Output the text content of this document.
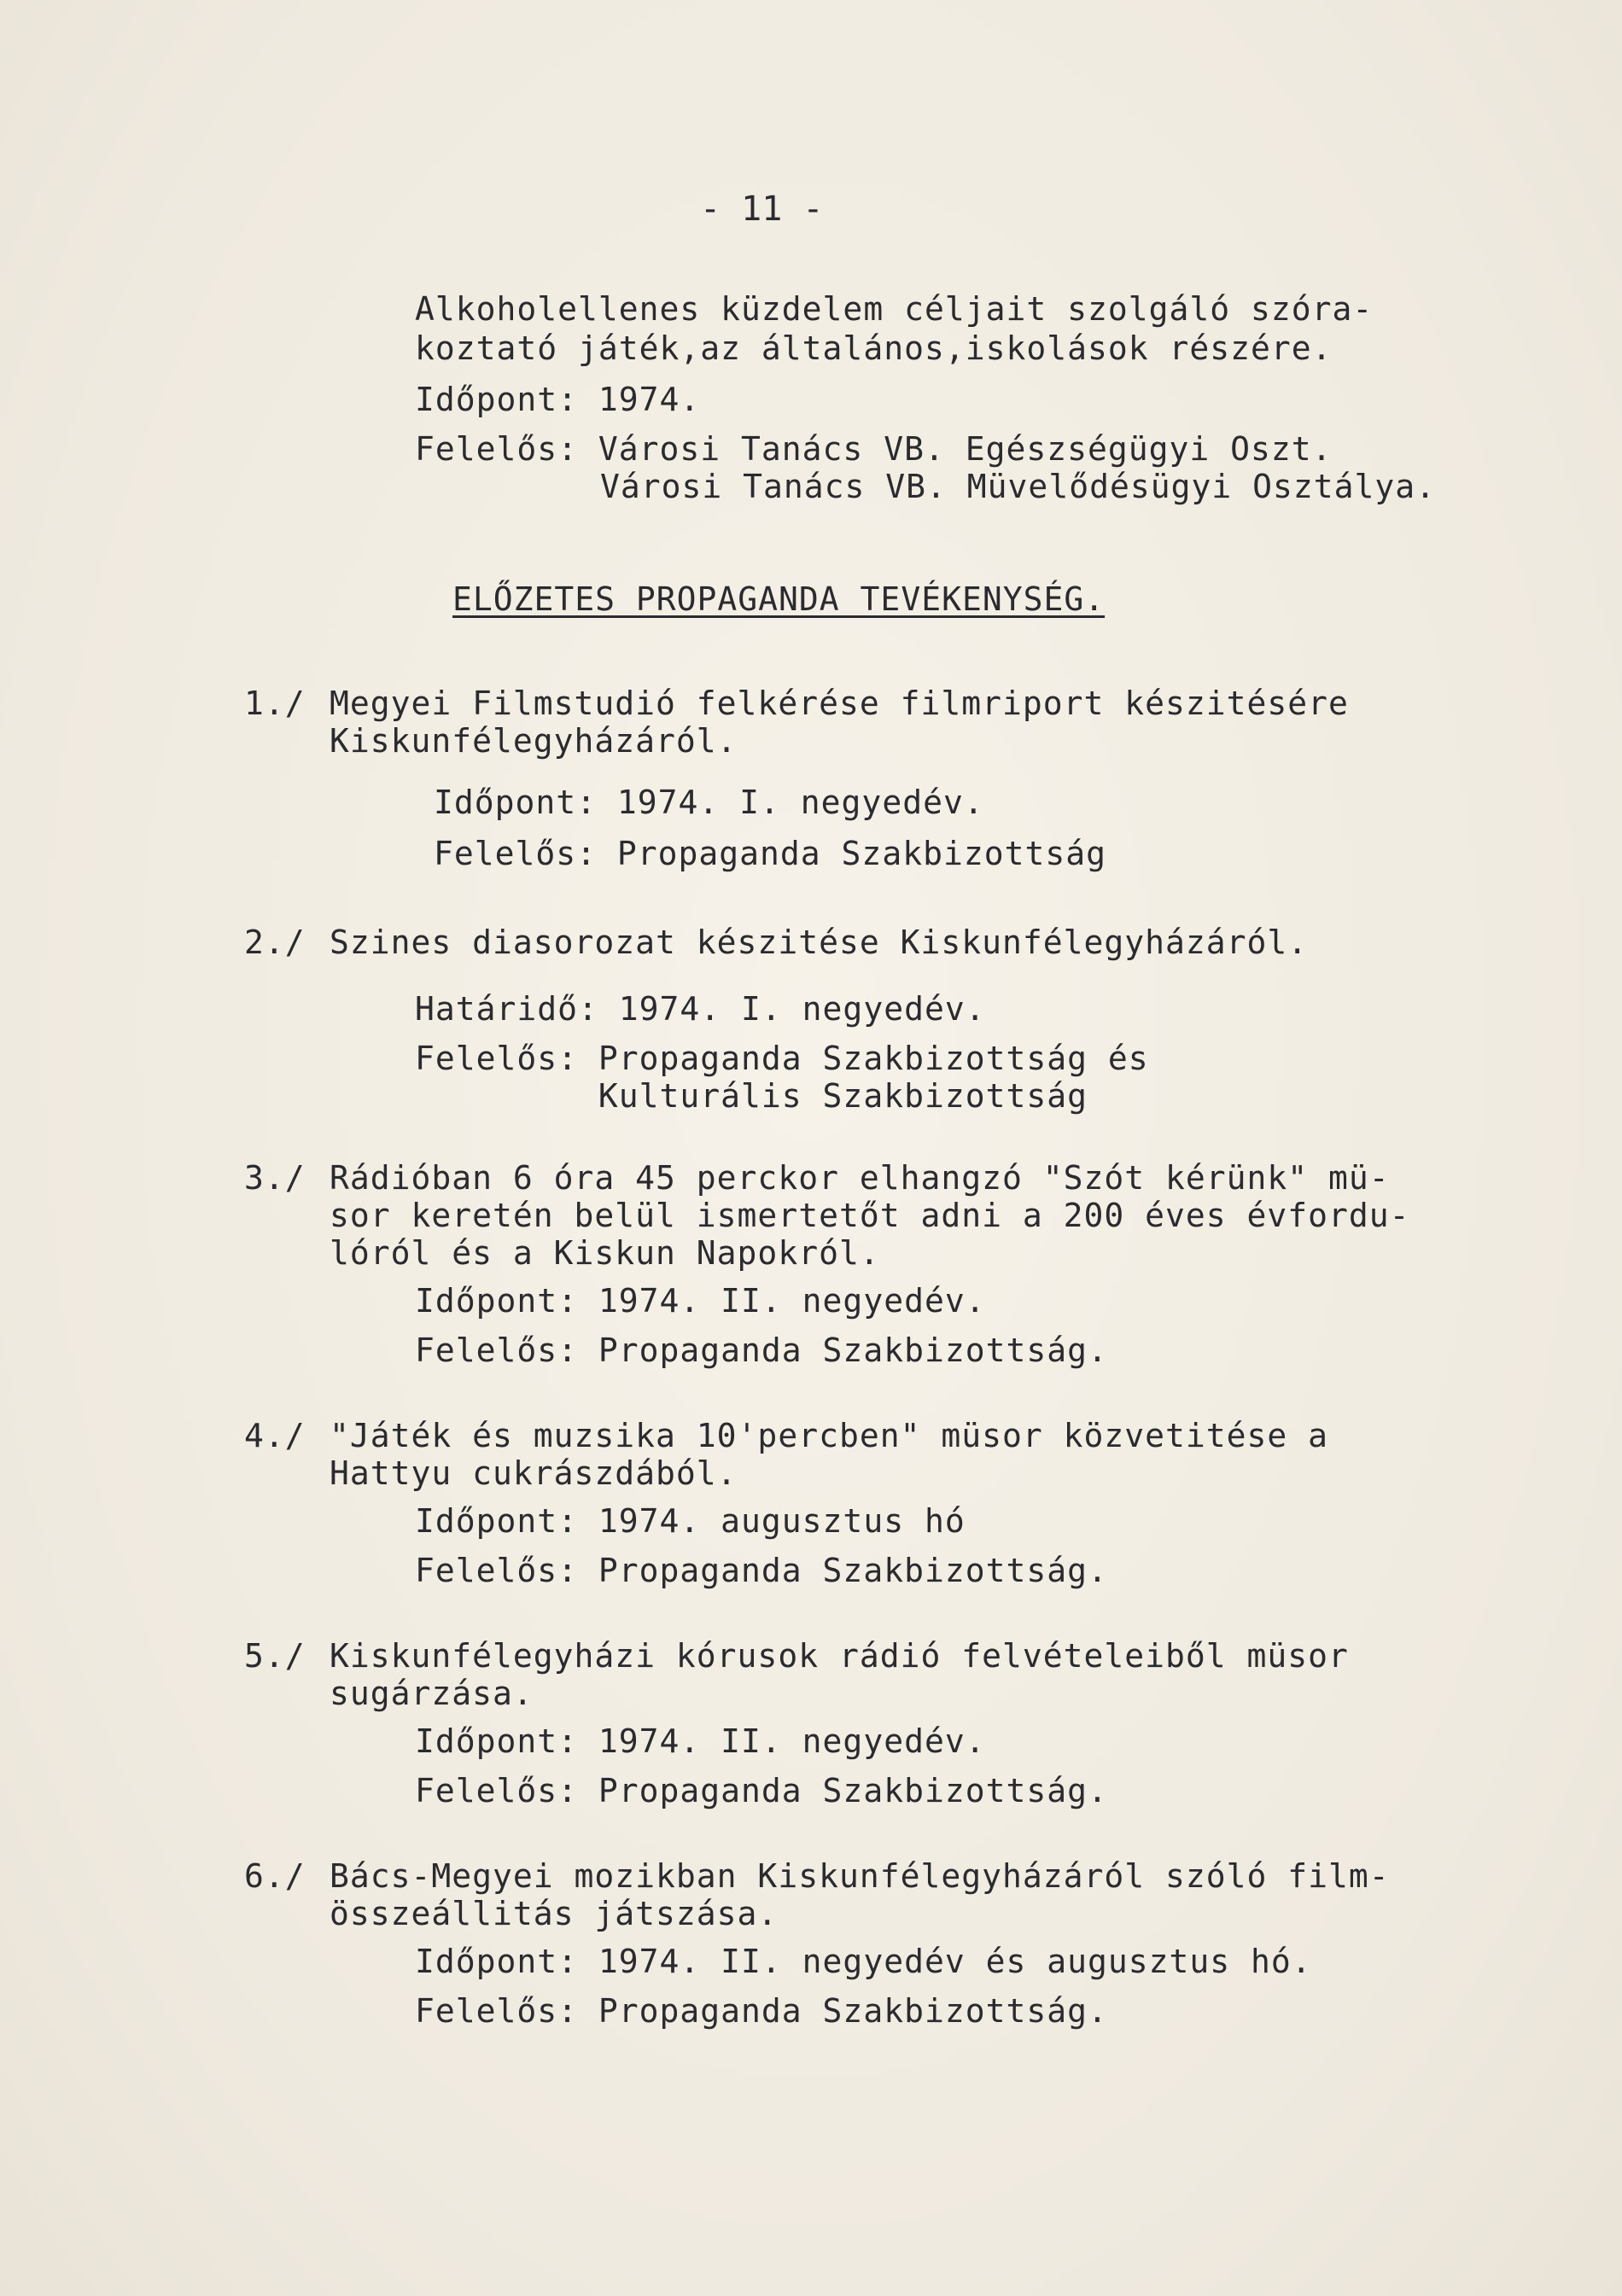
- 11 -
Alkoholellenes küzdelem céljait szolgáló szóra-
koztató játék,az általános,iskolások részére.
Időpont: 1974.
Felelős: Városi Tanács VB. Egészségügyi Oszt.
Városi Tanács VB. Müvelődésügyi Osztálya.
ELŐZETES PROPAGANDA TEVÉKENYSÉG.
1./ Megyei Filmstudió felkérése filmriport készitésére
Kiskunfélegyházáról.
Időpont: 1974. I. negyedév.
Felelős: Propaganda Szakbizottság
2./ Szines diasorozat készitése Kiskunfélegyházáról.
Határidő: 1974. I. negyedév.
Felelős: Propaganda Szakbizottság és
Kulturális Szakbizottság
3./ Rádióban 6 óra 45 perckor elhangzó "Szót kérünk" mü-
sor keretén belül ismertetőt adni a 200 éves évfordu-
lóról és a Kiskun Napokról.
Időpont: 1974. II. negyedév.
Felelős: Propaganda Szakbizottság.
4./ "Játék és muzsika 10'percben" müsor közvetitése a
Hattyu cukrászdából.
Időpont: 1974. augusztus hó
Felelős: Propaganda Szakbizottság.
5./ Kiskunfélegyházi kórusok rádió felvételeiből müsor
sugárzása.
Időpont: 1974. II. negyedév.
Felelős: Propaganda Szakbizottság.
6./ Bács-Megyei mozikban Kiskunfélegyházáról szóló film-
összeállitás játszása.
Időpont: 1974. II. negyedév és augusztus hó.
Felelős: Propaganda Szakbizottság.
